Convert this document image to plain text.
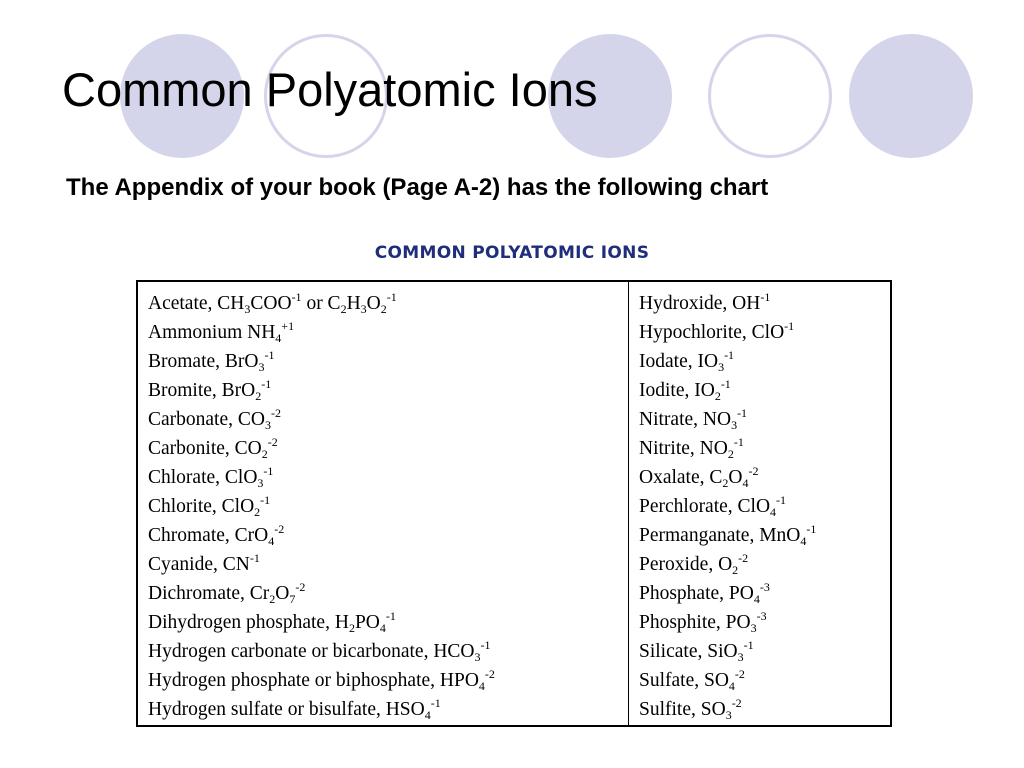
Common Polyatomic Ions

The Appendix of your book (Page A-2) has the following chart

COMMON POLYATOMIC IONS
Acetate, $CH_3COO^{-1}$ or $C_2H_3O_2^{-1}$
Ammonium $NH_4^{+1}$
Bromate, BrO$_3^{-1}$
Bromite, BrO$_2^{-1}$
Carbonate, $CO_3^{-2}$
Carbonite, $CO_2^{-2}$
Chlorate, ClO$_3^{-1}$
Chlorite, ClO$_2^{-1}$
Chromate, CrO$_4^{-2}$
Cyanide, $CN^{-1}$
Dichromate, $Cr_2O_7^{-2}$
Dihydrogen phosphate, $H_2PO_4^{-1}$
Hydrogen carbonate or bicarbonate, $HCO_3^{-1}$
Hydrogen phosphate or biphosphate, $HPO_4^{-2}$
Hydrogen sulfate or bisulfate, $HSO_4^{-1}$
Hydroxide, $OH^{-1}$
Hypochlorite, ClO$^{-1}$
Iodate, $IO_3^{-1}$
Iodite, $IO_2^{-1}$
Nitrate, $NO_3^{-1}$
Nitrite, $NO_2^{-1}$
Oxalate, $C_2O_4^{-2}$
Perchlorate, ClO$_4^{-1}$
Permanganate, MnO$_4^{-1}$
Peroxide, $O_2^{-2}$
Phosphate, $PO_4^{-3}$
Phosphite, $PO_3^{-3}$
Silicate, SiO$_3^{-1}$
Sulfate, $SO_4^{-2}$
Sulfite, $SO_3^{-2}$
